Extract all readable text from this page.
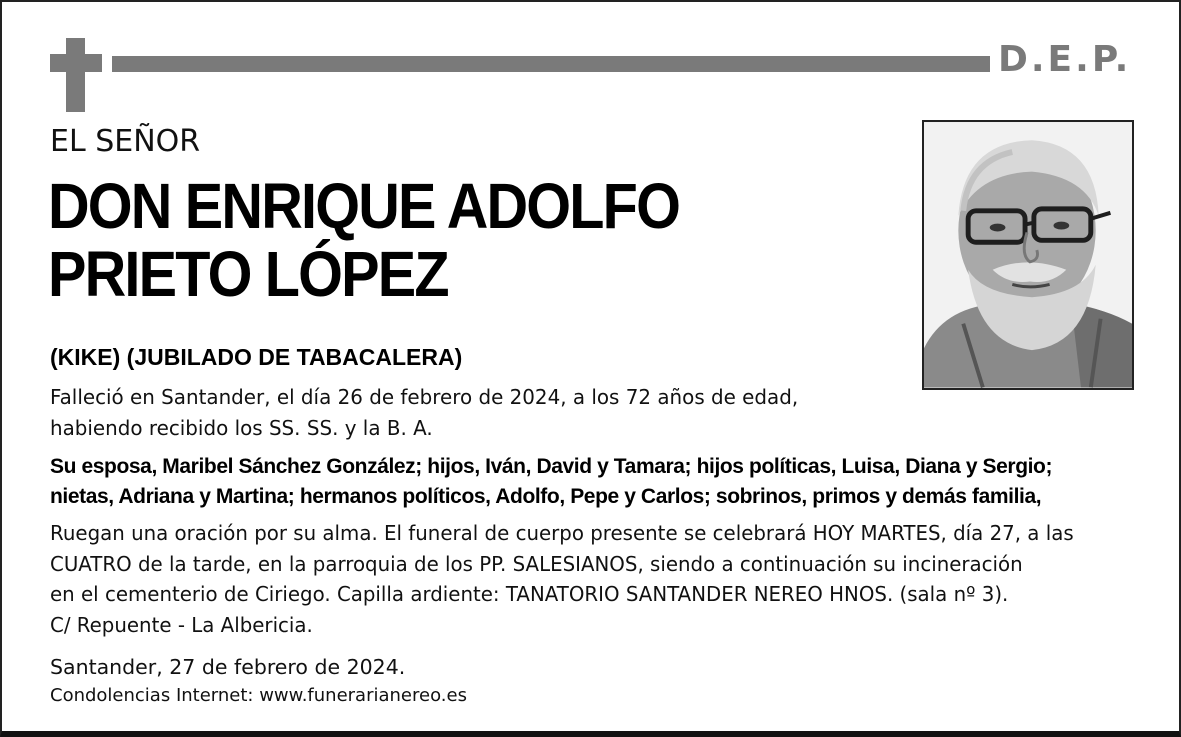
D.E.P.
EL SEÑOR
DON ENRIQUE ADOLFO
PRIETO LÓPEZ
(KIKE) (JUBILADO DE TABACALERA)
Falleció en Santander, el día 26 de febrero de 2024, a los 72 años de edad,
habiendo recibido los SS. SS. y la B. A.
Su esposa, Maribel Sánchez González; hijos, Iván, David y Tamara; hijos políticas, Luisa, Diana y Sergio;
nietas, Adriana y Martina; hermanos políticos, Adolfo, Pepe y Carlos; sobrinos, primos y demás familia,
Ruegan una oración por su alma. El funeral de cuerpo presente se celebrará HOY MARTES, día 27, a las
CUATRO de la tarde, en la parroquia de los PP. SALESIANOS, siendo a continuación su incineración
en el cementerio de Ciriego. Capilla ardiente: TANATORIO SANTANDER NEREO HNOS. (sala nº 3).
C/ Repuente - La Albericia.
Santander, 27 de febrero de 2024.
Condolencias Internet: www.funerarianereo.es
